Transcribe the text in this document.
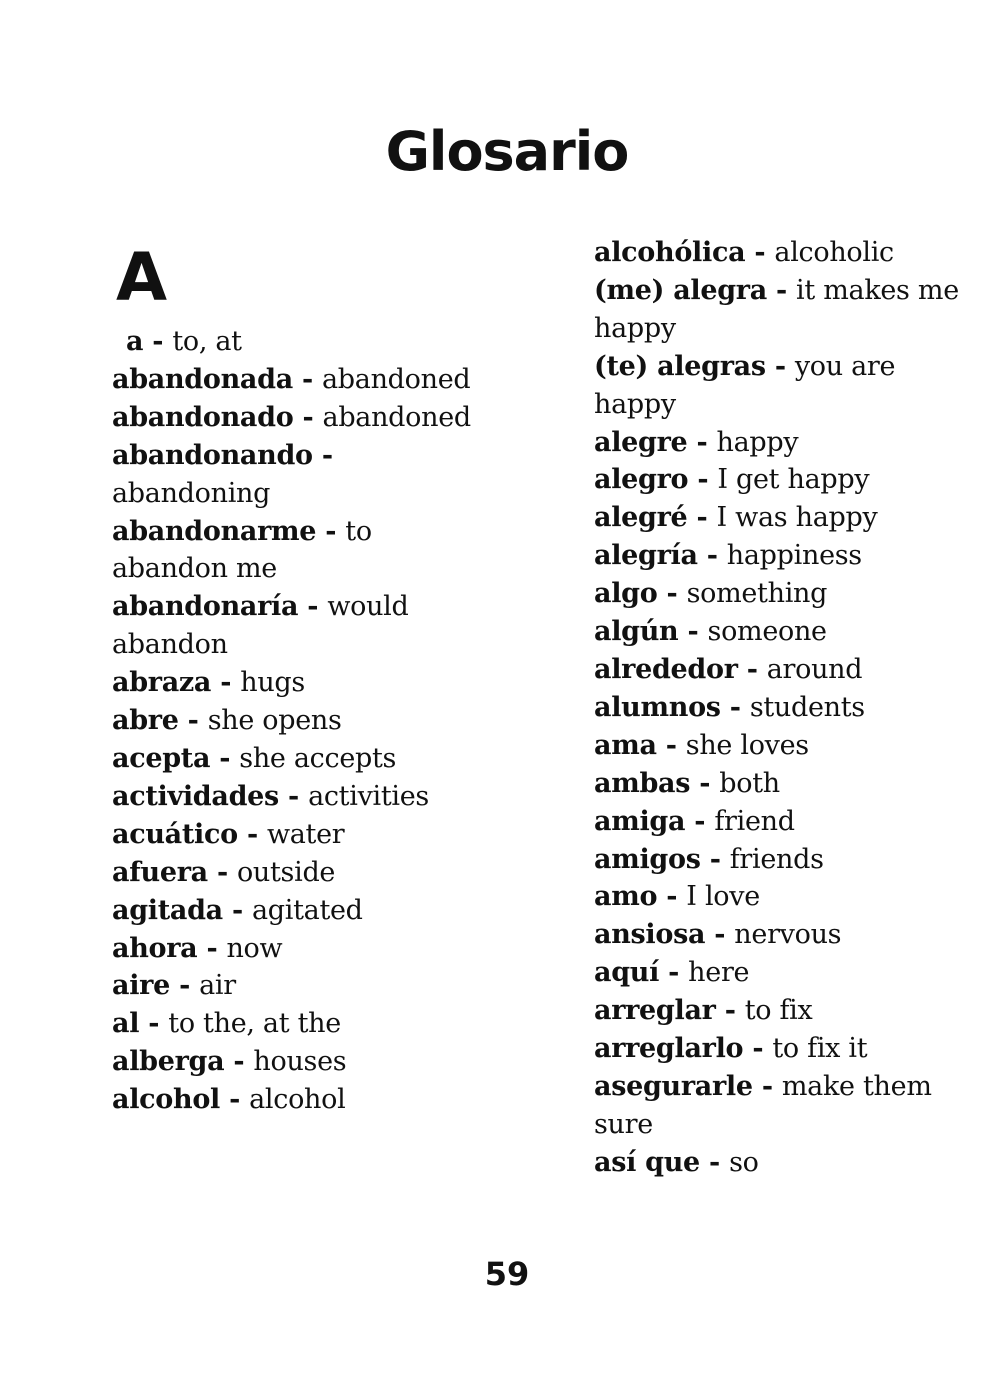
Glosario
A

a - to, at

abandonada - abandoned

abandonado - abandoned

abandonando - abandoning

abandonarme - to abandon me

abandonaría - would abandon

abraza - hugs

abre - she opens

acepta - she accepts

actividades - activities

acuático - water

afuera - outside

agitada - agitated

ahora - now

aire - air

al - to the, at the

alberga - houses

alcohol - alcohol

alcohólica - alcoholic

(me) alegra - it makes me happy

(te) alegras - you are happy

alegre - happy

alegro - I get happy

alegré - I was happy

alegría - happiness

algo - something

algún - someone

alrededor - around

alumnos - students

ama - she loves

ambas - both

amiga - friend

amigos - friends

amo - I love

ansiosa - nervous

aquí - here

arreglar - to fix

arreglarlo - to fix it

asegurarle - make them sure

así que - so

59
